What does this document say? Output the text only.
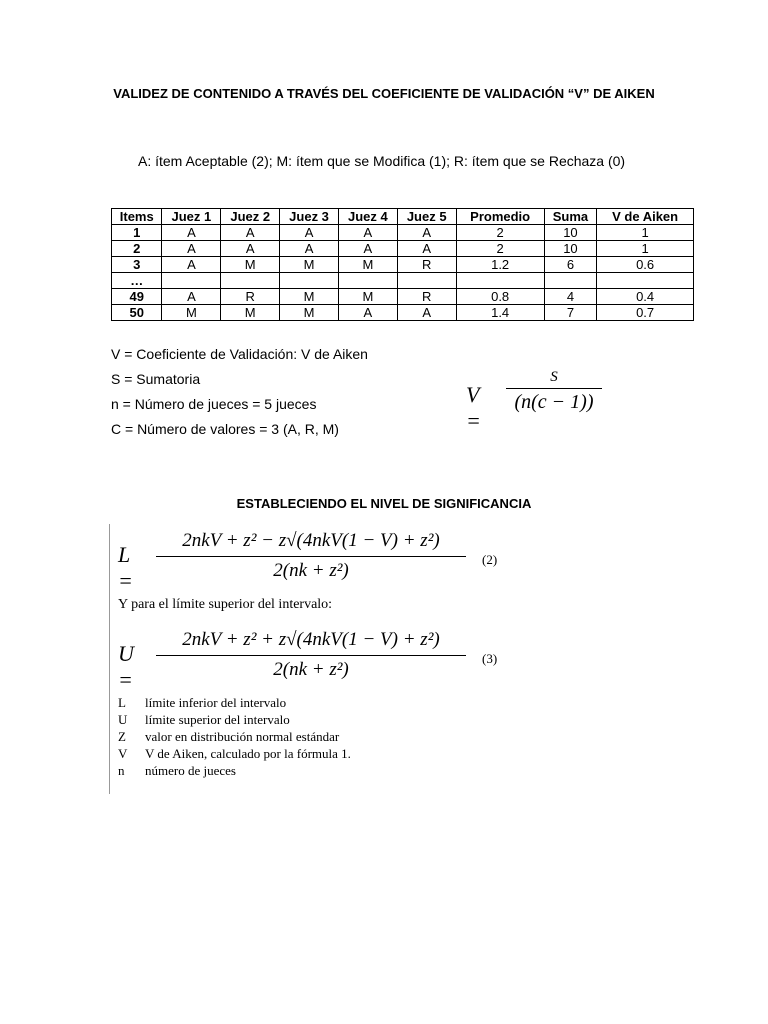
VALIDEZ DE CONTENIDO A TRAVÉS DEL COEFICIENTE DE VALIDACIÓN “V” DE AIKEN
A: ítem Aceptable (2); M: ítem que se Modifica (1); R: ítem que se Rechaza (0)
Items	Juez 1	Juez 2	Juez 3	Juez 4	Juez 5	Promedio	Suma	V de Aiken
1	A	A	A	A	A	2	10	1
2	A	A	A	A	A	2	10	1
3	A	M	M	M	R	1.2	6	0.6
…								
49	A	R	M	M	R	0.8	4	0.4
50	M	M	M	A	A	1.4	7	0.7
V = Coeficiente de Validación: V de Aiken
S = Sumatoria
n = Número de jueces = 5 jueces
C = Número de valores = 3 (A, R, M)
V =
S
(n(c − 1))
ESTABLECIENDO EL NIVEL DE SIGNIFICANCIA
L =
2nkV + z² − z√(4nkV(1 − V) + z²)
2(nk + z²)
(2)
Y para el límite superior del intervalo:
U =
2nkV + z² + z√(4nkV(1 − V) + z²)
2(nk + z²)
(3)
L	límite inferior del intervalo
U	límite superior del intervalo
Z	valor en distribución normal estándar
V	V de Aiken, calculado por la fórmula 1.
n	número de jueces
